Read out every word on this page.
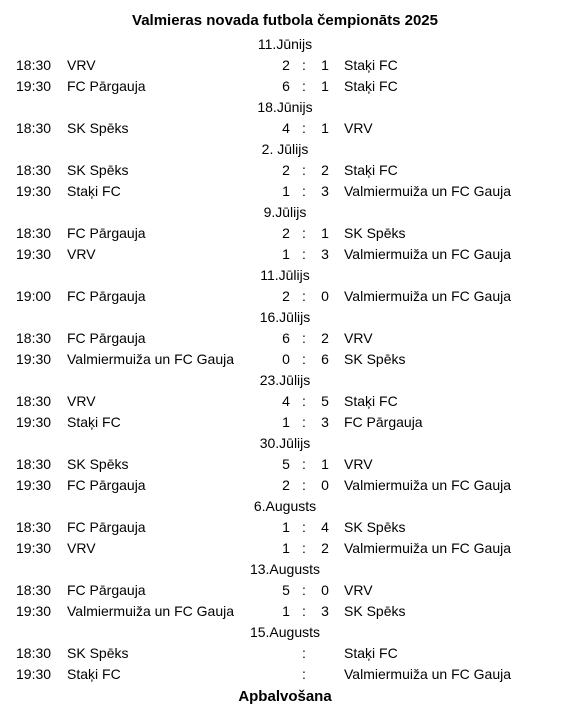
Valmieras novada futbola čempionāts 2025
11.Jūnijs
18:30 VRV	2 : 1 Staķi FC
19:30 FC Pārgauja	6 : 1 Staķi FC
18.Jūnijs
18:30 SK Spēks	4 : 1 VRV
2. Jūlijs
18:30 SK Spēks	2 : 2 Staķi FC
19:30 Staķi FC	1 : 3 Valmiermuiža un FC Gauja
9.Jūlijs
18:30 FC Pārgauja	2 : 1 SK Spēks
19:30 VRV	1 : 3 Valmiermuiža un FC Gauja
11.Jūlijs
19:00 FC Pārgauja	2 : 0 Valmiermuiža un FC Gauja
16.Jūlijs
18:30 FC Pārgauja	6 : 2 VRV
19:30 Valmiermuiža un FC Gauja	0 : 6 SK Spēks
23.Jūlijs
18:30 VRV	4 : 5 Staķi FC
19:30 Staķi FC	1 : 3 FC Pārgauja
30.Jūlijs
18:30 SK Spēks	5 : 1 VRV
19:30 FC Pārgauja	2 : 0 Valmiermuiža un FC Gauja
6.Augusts
18:30 FC Pārgauja	1 : 4 SK Spēks
19:30 VRV	1 : 2 Valmiermuiža un FC Gauja
13.Augusts
18:30 FC Pārgauja	5 : 0 VRV
19:30 Valmiermuiža un FC Gauja	1 : 3 SK Spēks
15.Augusts
18:30 SK Spēks	:	Staķi FC
19:30 Staķi FC	:	Valmiermuiža un FC Gauja
Apbalvošana
